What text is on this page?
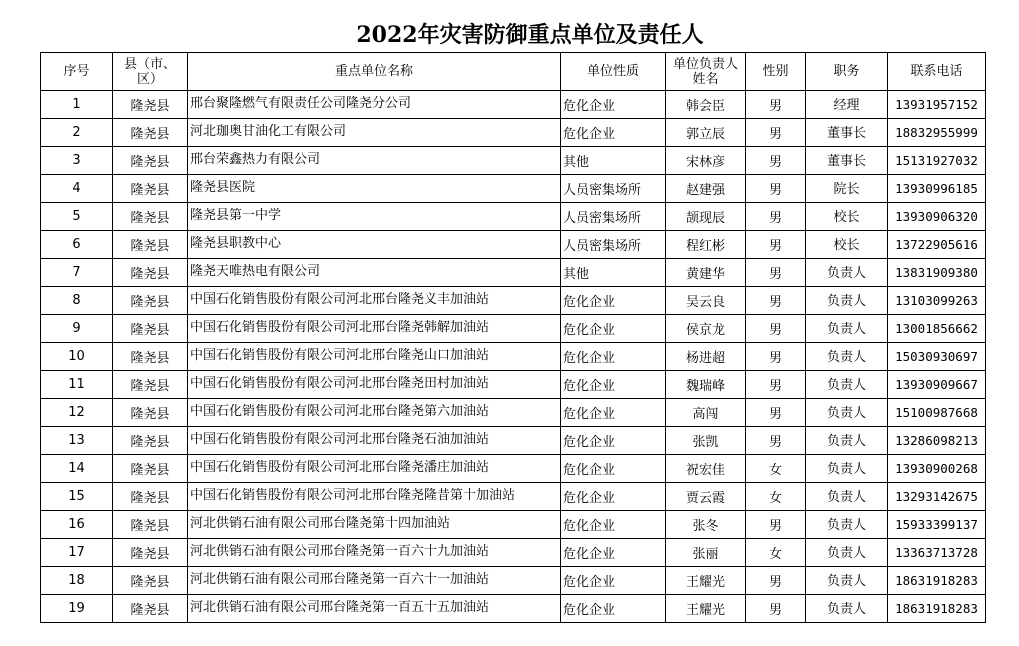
2022年灾害防御重点单位及责任人
序号	县（市、区）	重点单位名称	单位性质	单位负责人姓名	性别	职务	联系电话
1	隆尧县	邢台聚隆燃气有限责任公司隆尧分公司	危化企业	韩会臣	男	经理	13931957152
2	隆尧县	河北珈奥甘油化工有限公司	危化企业	郭立辰	男	董事长	18832955999
3	隆尧县	邢台荣鑫热力有限公司	其他	宋林彦	男	董事长	15131927032
4	隆尧县	隆尧县医院	人员密集场所	赵建强	男	院长	13930996185
5	隆尧县	隆尧县第一中学	人员密集场所	颉现辰	男	校长	13930906320
6	隆尧县	隆尧县职教中心	人员密集场所	程红彬	男	校长	13722905616
7	隆尧县	隆尧天唯热电有限公司	其他	黄建华	男	负责人	13831909380
8	隆尧县	中国石化销售股份有限公司河北邢台隆尧义丰加油站	危化企业	吴云良	男	负责人	13103099263
9	隆尧县	中国石化销售股份有限公司河北邢台隆尧韩解加油站	危化企业	侯京龙	男	负责人	13001856662
10	隆尧县	中国石化销售股份有限公司河北邢台隆尧山口加油站	危化企业	杨进超	男	负责人	15030930697
11	隆尧县	中国石化销售股份有限公司河北邢台隆尧田村加油站	危化企业	魏瑞峰	男	负责人	13930909667
12	隆尧县	中国石化销售股份有限公司河北邢台隆尧第六加油站	危化企业	高闯	男	负责人	15100987668
13	隆尧县	中国石化销售股份有限公司河北邢台隆尧石油加油站	危化企业	张凯	男	负责人	13286098213
14	隆尧县	中国石化销售股份有限公司河北邢台隆尧潘庄加油站	危化企业	祝宏佳	女	负责人	13930900268
15	隆尧县	中国石化销售股份有限公司河北邢台隆尧隆昔第十加油站	危化企业	贾云霞	女	负责人	13293142675
16	隆尧县	河北供销石油有限公司邢台隆尧第十四加油站	危化企业	张冬	男	负责人	15933399137
17	隆尧县	河北供销石油有限公司邢台隆尧第一百六十九加油站	危化企业	张丽	女	负责人	13363713728
18	隆尧县	河北供销石油有限公司邢台隆尧第一百六十一加油站	危化企业	王耀光	男	负责人	18631918283
19	隆尧县	河北供销石油有限公司邢台隆尧第一百五十五加油站	危化企业	王耀光	男	负责人	18631918283
